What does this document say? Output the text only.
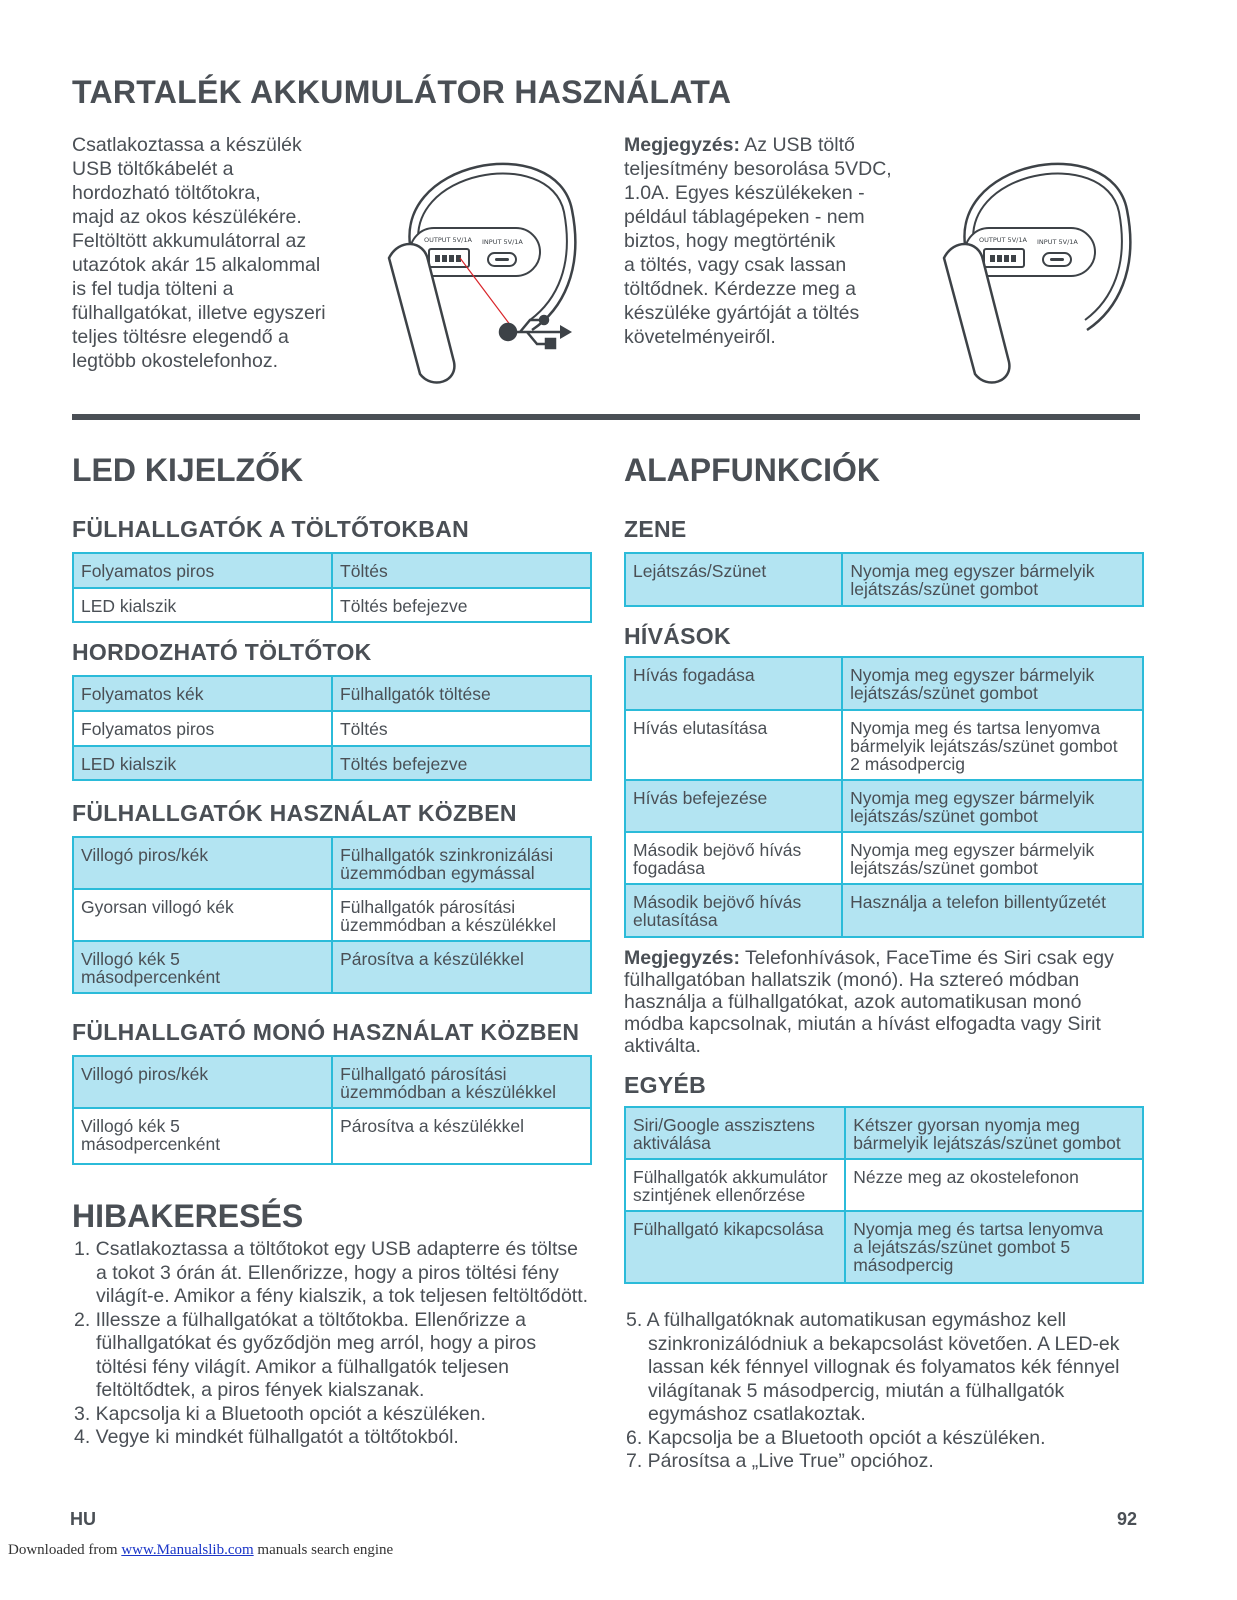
TARTALÉK AKKUMULÁTOR HASZNÁLATA
Csatlakoztassa a készülék
USB töltőkábelét a
hordozható töltőtokra,
majd az okos készülékére.
Feltöltött akkumulátorral az
utazótok akár 15 alkalommal
is fel tudja tölteni a
fülhallgatókat, illetve egyszeri
teljes töltésre elegendő a
legtöbb okostelefonhoz.
OUTPUT 5V/1A INPUT 5V/1A
Megjegyzés: Az USB töltő
teljesítmény besorolása 5VDC,
1.0A. Egyes készülékeken -
például táblagépeken - nem
biztos, hogy megtörténik
a töltés, vagy csak lassan
töltődnek. Kérdezze meg a
készüléke gyártóját a töltés
követelményeiről.
OUTPUT 5V/1A INPUT 5V/1A
LED KIJELZŐK
FÜLHALLGATÓK A TÖLTŐTOKBAN
Folyamatos piros	Töltés
LED kialszik	Töltés befejezve
HORDOZHATÓ TÖLTŐTOK
Folyamatos kék	Fülhallgatók töltése
Folyamatos piros	Töltés
LED kialszik	Töltés befejezve
FÜLHALLGATÓK HASZNÁLAT KÖZBEN
Villogó piros/kék	Fülhallgatók szinkronizálási
üzemmódban egymással
Gyorsan villogó kék	Fülhallgatók párosítási
üzemmódban a készülékkel
Villogó kék 5
másodpercenként	Párosítva a készülékkel
FÜLHALLGATÓ MONÓ HASZNÁLAT KÖZBEN
Villogó piros/kék	Fülhallgató párosítási
üzemmódban a készülékkel
Villogó kék 5
másodpercenként	Párosítva a készülékkel
HIBAKERESÉS
1. Csatlakoztassa a töltőtokot egy USB adapterre és töltse a tokot 3 órán át. Ellenőrizze, hogy a piros töltési fény világít-e. Amikor a fény kialszik, a tok teljesen feltöltődött.
2. Illessze a fülhallgatókat a töltőtokba. Ellenőrizze a fülhallgatókat és győződjön meg arról, hogy a piros töltési fény világít. Amikor a fülhallgatók teljesen feltöltődtek, a piros fények kialszanak.
3. Kapcsolja ki a Bluetooth opciót a készüléken.
4. Vegye ki mindkét fülhallgatót a töltőtokból.
ALAPFUNKCIÓK
ZENE
Lejátszás/Szünet	Nyomja meg egyszer bármelyik
lejátszás/szünet gombot
HÍVÁSOK
Hívás fogadása	Nyomja meg egyszer bármelyik
lejátszás/szünet gombot
Hívás elutasítása	Nyomja meg és tartsa lenyomva
bármelyik lejátszás/szünet gombot
2 másodpercig
Hívás befejezése	Nyomja meg egyszer bármelyik
lejátszás/szünet gombot
Második bejövő hívás
fogadása	Nyomja meg egyszer bármelyik
lejátszás/szünet gombot
Második bejövő hívás
elutasítása	Használja a telefon billentyűzetét
Megjegyzés: Telefonhívások, FaceTime és Siri csak egy fülhallgatóban hallatszik (monó). Ha sztereó módban használja a fülhallgatókat, azok automatikusan monó módba kapcsolnak, miután a hívást elfogadta vagy Sirit aktiválta.
EGYÉB
Siri/Google asszisztens
aktiválása	Kétszer gyorsan nyomja meg
bármelyik lejátszás/szünet gombot
Fülhallgatók akkumulátor
szintjének ellenőrzése	Nézze meg az okostelefonon
Fülhallgató kikapcsolása	Nyomja meg és tartsa lenyomva
a lejátszás/szünet gombot 5
másodpercig
5. A fülhallgatóknak automatikusan egymáshoz kell szinkronizálódniuk a bekapcsolást követően. A LED-ek lassan kék fénnyel villognak és folyamatos kék fénnyel világítanak 5 másodpercig, miután a fülhallgatók egymáshoz csatlakoztak.
6. Kapcsolja be a Bluetooth opciót a készüléken.
7. Párosítsa a „Live True” opcióhoz.
HU	92
Downloaded from www.Manualslib.com manuals search engine
